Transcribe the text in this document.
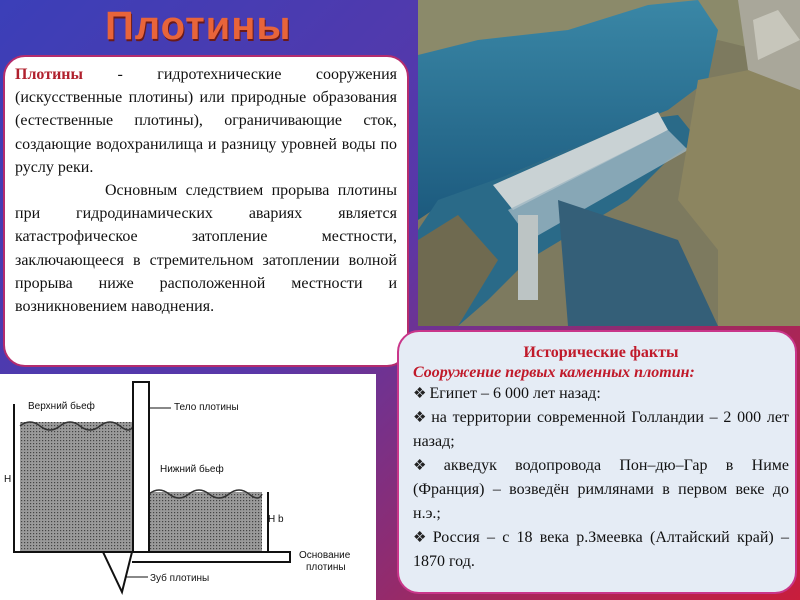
Плотины

Плотины - гидротехнические сооружения (искусственные плотины) или природные образования (естественные плотины), ограничивающие сток, создающие водохранилища и разницу уровней воды по руслу реки.

Основным следствием прорыва плотины при гидродинамических авариях является катастрофическое затопление местности, заключающееся в стремительном затоплении волной прорыва ниже расположенной местности и возникновением наводнения.

Исторические факты
Сооружение первых каменных плотин:
❖ Египет – 6 000 лет назад:
❖ на территории современной Голландии – 2 000 лет назад;
❖ акведук водопровода Пон–дю–Гар в Ниме (Франция) – возведён римлянами в первом веке до н.э.;
❖ Россия – с 18 века р.Змеевка (Алтайский край) – 1870 год.
Верхний бьеф	Тело плотины
Нижний бьеф
H
H b
Основание
плотины
Зуб плотины
